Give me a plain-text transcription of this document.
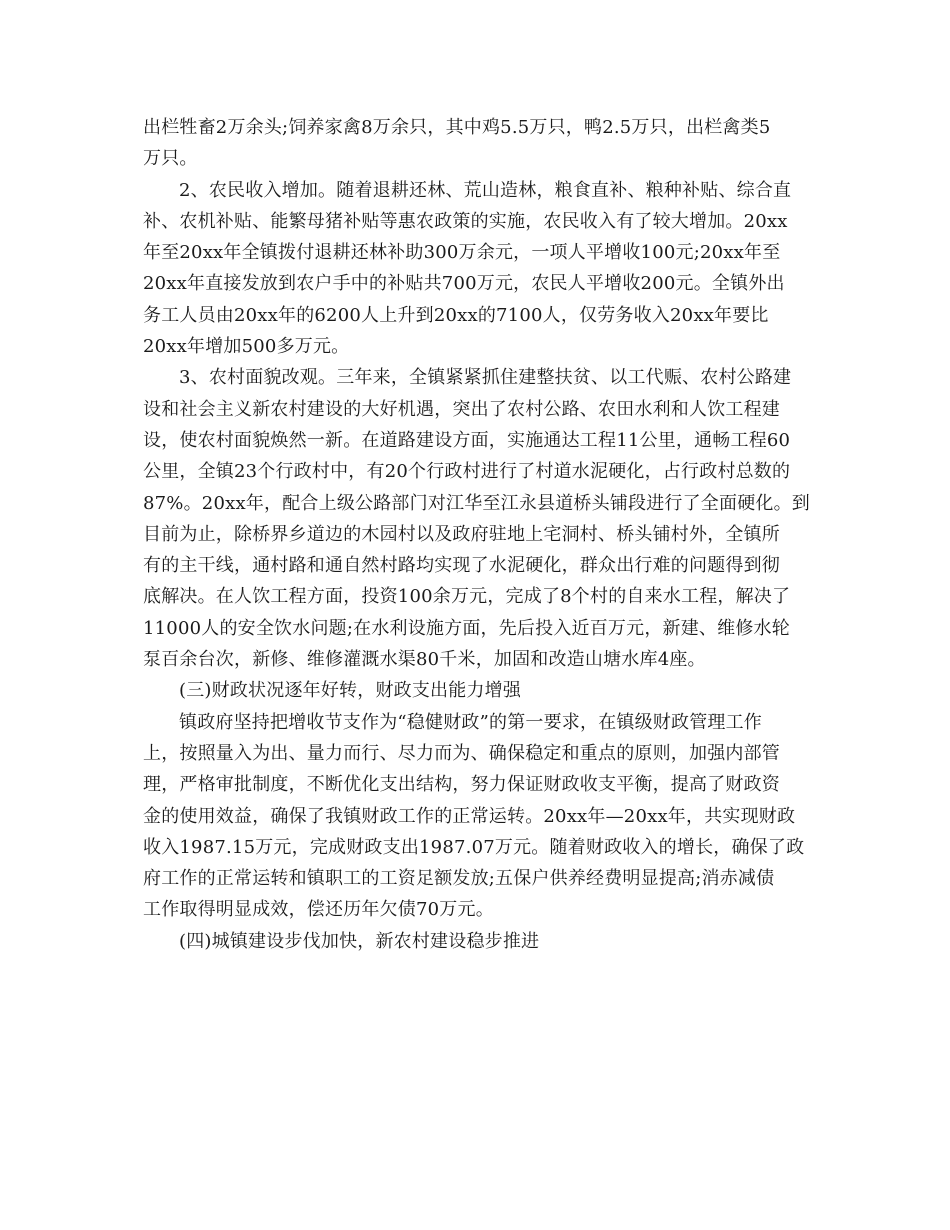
出栏牲畜2万余头;饲养家禽8万余只，其中鸡5.5万只，鸭2.5万只，出栏禽类5
万只。
2、农民收入增加。随着退耕还林、荒山造林，粮食直补、粮种补贴、综合直
补、农机补贴、能繁母猪补贴等惠农政策的实施，农民收入有了较大增加。20xx
年至20xx年全镇拨付退耕还林补助300万余元，一项人平增收100元;20xx年至
20xx年直接发放到农户手中的补贴共700万元，农民人平增收200元。全镇外出
务工人员由20xx年的6200人上升到20xx的7100人，仅劳务收入20xx年要比
20xx年增加500多万元。
3、农村面貌改观。三年来，全镇紧紧抓住建整扶贫、以工代赈、农村公路建
设和社会主义新农村建设的大好机遇，突出了农村公路、农田水利和人饮工程建
设，使农村面貌焕然一新。在道路建设方面，实施通达工程11公里，通畅工程60
公里，全镇23个行政村中，有20个行政村进行了村道水泥硬化，占行政村总数的
87%。20xx年，配合上级公路部门对江华至江永县道桥头铺段进行了全面硬化。到
目前为止，除桥界乡道边的木园村以及政府驻地上宅洞村、桥头铺村外，全镇所
有的主干线，通村路和通自然村路均实现了水泥硬化，群众出行难的问题得到彻
底解决。在人饮工程方面，投资100余万元，完成了8个村的自来水工程，解决了
11000人的安全饮水问题;在水利设施方面，先后投入近百万元，新建、维修水轮
泵百余台次，新修、维修灌溉水渠80千米，加固和改造山塘水库4座。
(三)财政状况逐年好转，财政支出能力增强
镇政府坚持把增收节支作为“稳健财政”的第一要求，在镇级财政管理工作
上，按照量入为出、量力而行、尽力而为、确保稳定和重点的原则，加强内部管
理，严格审批制度，不断优化支出结构，努力保证财政收支平衡，提高了财政资
金的使用效益，确保了我镇财政工作的正常运转。20xx年—20xx年，共实现财政
收入1987.15万元，完成财政支出1987.07万元。随着财政收入的增长，确保了政
府工作的正常运转和镇职工的工资足额发放;五保户供养经费明显提高;消赤减债
工作取得明显成效，偿还历年欠债70万元。
(四)城镇建设步伐加快，新农村建设稳步推进
